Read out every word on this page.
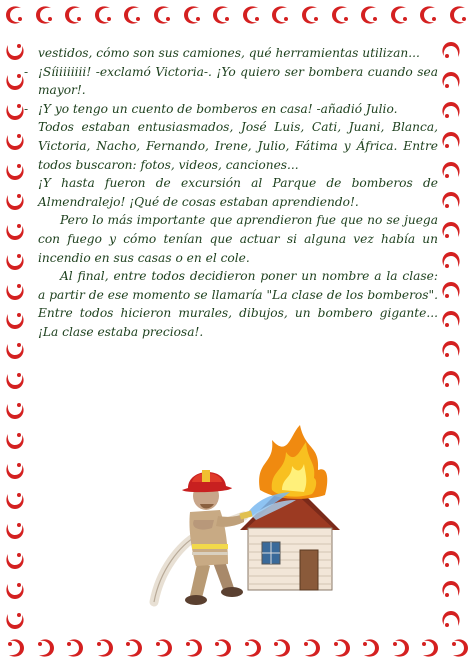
vestidos, cómo son sus camiones, qué herramientas utilizan...

- ¡Síiiiiiiii! -exclamó Victoria-. ¡Yo quiero ser bombera cuando sea mayor!.
- ¡Y yo tengo un cuento de bomberos en casa! -añadió Julio.

Todos estaban entusiasmados, José Luis, Cati, Juani, Blanca, Victoria, Nacho, Fernando, Irene, Julio, Fátima y África. Entre todos buscaron: fotos, videos, canciones...

¡Y hasta fueron de excursión al Parque de bomberos de Almendralejo! ¡Qué de cosas estaban aprendiendo!.

Pero lo más importante que aprendieron fue que no se juega con fuego y cómo tenían que actuar si alguna vez había un incendio en sus casas o en el cole.

Al final, entre todos decidieron poner un nombre a la clase: a partir de ese momento se llamaría "La clase de los bomberos". Entre todos hicieron murales, dibujos, un bombero gigante... ¡La clase estaba preciosa!.
